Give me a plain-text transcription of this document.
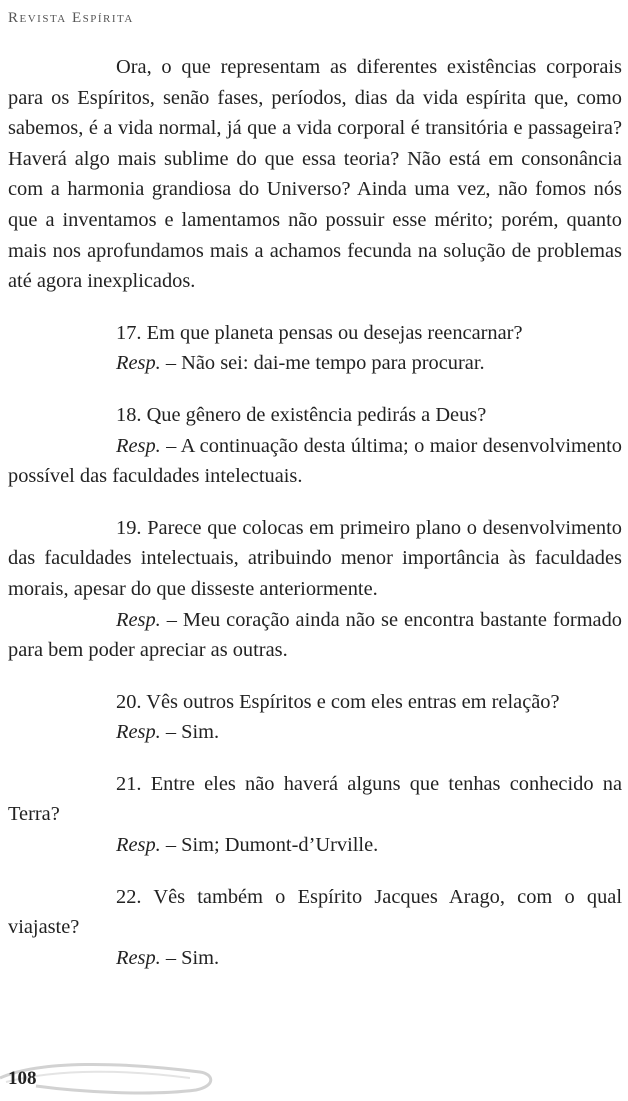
Revista Espírita

Ora, o que representam as diferentes existências corporais para os Espíritos, senão fases, períodos, dias da vida espírita que, como sabemos, é a vida normal, já que a vida corporal é transitória e passageira? Haverá algo mais sublime do que essa teoria? Não está em consonância com a harmonia grandiosa do Universo? Ainda uma vez, não fomos nós que a inventamos e lamentamos não possuir esse mérito; porém, quanto mais nos aprofundamos mais a achamos fecunda na solução de problemas até agora inexplicados.

17. Em que planeta pensas ou desejas reencarnar?

Resp. – Não sei: dai-me tempo para procurar.

18. Que gênero de existência pedirás a Deus?

Resp. – A continuação desta última; o maior desenvolvimento possível das faculdades intelectuais.

19. Parece que colocas em primeiro plano o desenvolvimento das faculdades intelectuais, atribuindo menor importância às faculdades morais, apesar do que disseste anteriormente.

Resp. – Meu coração ainda não se encontra bastante formado para bem poder apreciar as outras.

20. Vês outros Espíritos e com eles entras em relação?

Resp. – Sim.

21. Entre eles não haverá alguns que tenhas conhecido na Terra?

Resp. – Sim; Dumont-d’Urville.

22. Vês também o Espírito Jacques Arago, com o qual viajaste?

Resp. – Sim.

108
